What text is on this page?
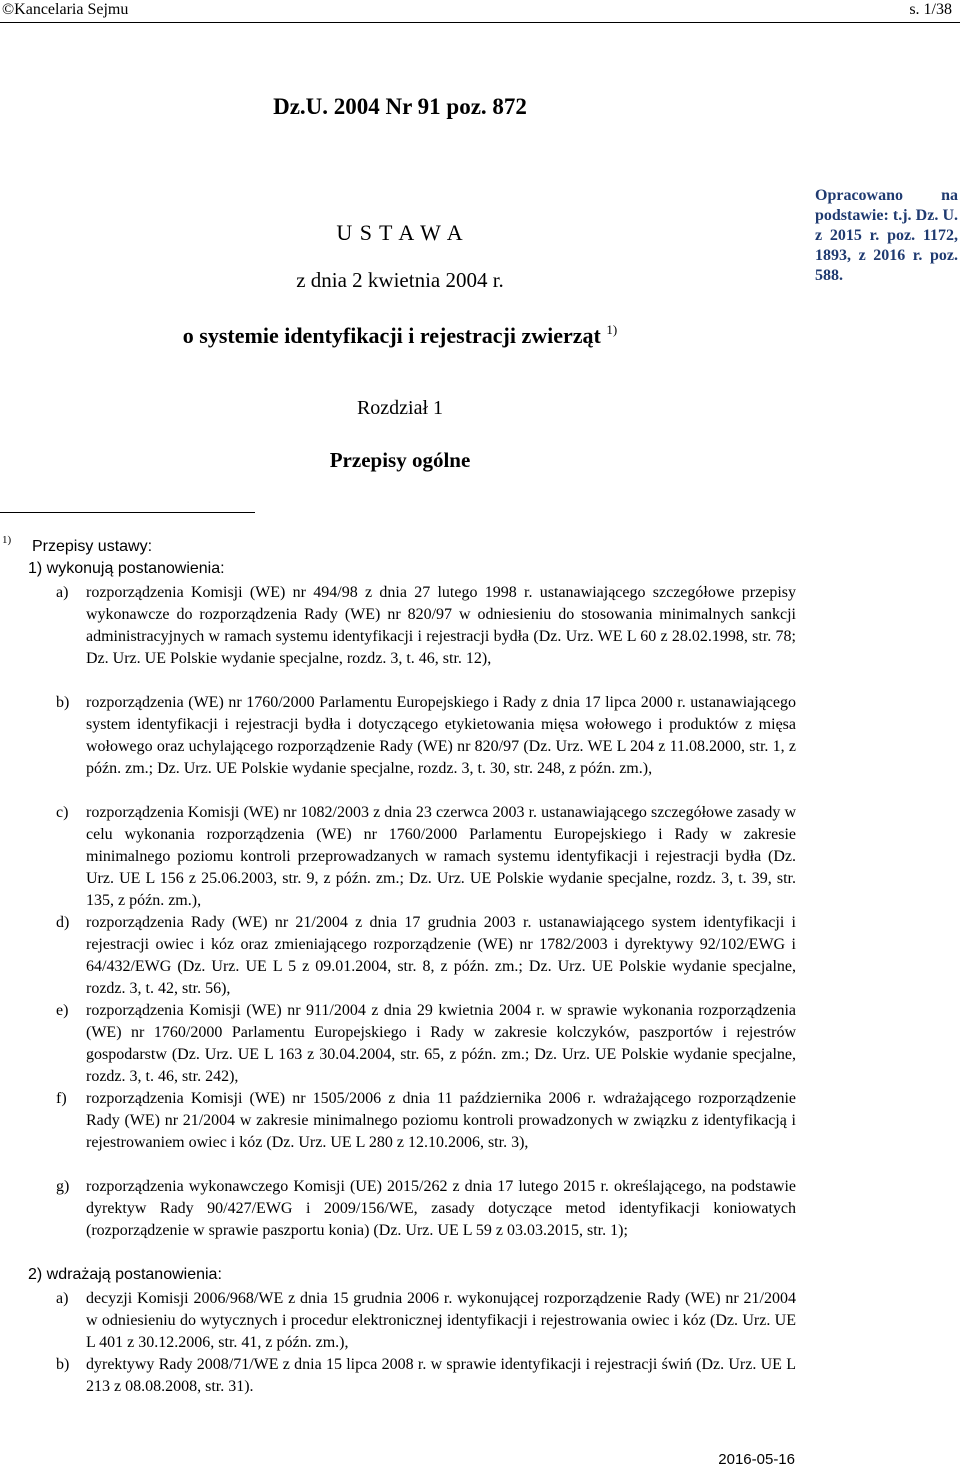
©Kancelaria Sejmu	s. 1/38
Dz.U. 2004 Nr 91 poz. 872
U S T A W A
z dnia 2 kwietnia 2004 r.
Opracowano na podstawie: t.j. Dz. U. z 2015 r. poz. 1172, 1893, z 2016 r. poz. 588.
o systemie identyfikacji i rejestracji zwierząt $^{1)}$
Rozdział 1
Przepisy ogólne
1) Przepisy ustawy:
1) wykonują postanowienia:
a)	rozporządzenia Komisji (WE) nr 494/98 z dnia 27 lutego 1998 r. ustanawiającego szczegółowe przepisy wykonawcze do rozporządzenia Rady (WE) nr 820/97 w odniesieniu do stosowania minimalnych sankcji administracyjnych w ramach systemu identyfikacji i rejestracji bydła (Dz. Urz. WE L 60 z 28.02.1998, str. 78; Dz. Urz. UE Polskie wydanie specjalne, rozdz. 3, t. 46, str. 12),
b)	rozporządzenia (WE) nr 1760/2000 Parlamentu Europejskiego i Rady z dnia 17 lipca 2000 r. ustanawiającego system identyfikacji i rejestracji bydła i dotyczącego etykietowania mięsa wołowego i produktów z mięsa wołowego oraz uchylającego rozporządzenie Rady (WE) nr 820/97 (Dz. Urz. WE L 204 z 11.08.2000, str. 1, z późn. zm.; Dz. Urz. UE Polskie wydanie specjalne, rozdz. 3, t. 30, str. 248, z późn. zm.),
c)	rozporządzenia Komisji (WE) nr 1082/2003 z dnia 23 czerwca 2003 r. ustanawiającego szczegółowe zasady w celu wykonania rozporządzenia (WE) nr 1760/2000 Parlamentu Europejskiego i Rady w zakresie minimalnego poziomu kontroli przeprowadzanych w ramach systemu identyfikacji i rejestracji bydła (Dz. Urz. UE L 156 z 25.06.2003, str. 9, z późn. zm.; Dz. Urz. UE Polskie wydanie specjalne, rozdz. 3, t. 39, str. 135, z późn. zm.),
d)	rozporządzenia Rady (WE) nr 21/2004 z dnia 17 grudnia 2003 r. ustanawiającego system identyfikacji i rejestracji owiec i kóz oraz zmieniającego rozporządzenie (WE) nr 1782/2003 i dyrektywy 92/102/EWG i 64/432/EWG (Dz. Urz. UE L 5 z 09.01.2004, str. 8, z późn. zm.; Dz. Urz. UE Polskie wydanie specjalne, rozdz. 3, t. 42, str. 56),
e)	rozporządzenia Komisji (WE) nr 911/2004 z dnia 29 kwietnia 2004 r. w sprawie wykonania rozporządzenia (WE) nr 1760/2000 Parlamentu Europejskiego i Rady w zakresie kolczyków, paszportów i rejestrów gospodarstw (Dz. Urz. UE L 163 z 30.04.2004, str. 65, z późn. zm.; Dz. Urz. UE Polskie wydanie specjalne, rozdz. 3, t. 46, str. 242),
f)	rozporządzenia Komisji (WE) nr 1505/2006 z dnia 11 października 2006 r. wdrażającego rozporządzenie Rady (WE) nr 21/2004 w zakresie minimalnego poziomu kontroli prowadzonych w związku z identyfikacją i rejestrowaniem owiec i kóz (Dz. Urz. UE L 280 z 12.10.2006, str. 3),
g)	rozporządzenia wykonawczego Komisji (UE) 2015/262 z dnia 17 lutego 2015 r. określającego, na podstawie dyrektyw Rady 90/427/EWG i 2009/156/WE, zasady dotyczące metod identyfikacji koniowatych (rozporządzenie w sprawie paszportu konia) (Dz. Urz. UE L 59 z 03.03.2015, str. 1);
2) wdrażają postanowienia:
a)	decyzji Komisji 2006/968/WE z dnia 15 grudnia 2006 r. wykonującej rozporządzenie Rady (WE) nr 21/2004 w odniesieniu do wytycznych i procedur elektronicznej identyfikacji i rejestrowania owiec i kóz (Dz. Urz. UE L 401 z 30.12.2006, str. 41, z późn. zm.),
b)	dyrektywy Rady 2008/71/WE z dnia 15 lipca 2008 r. w sprawie identyfikacji i rejestracji świń (Dz. Urz. UE L 213 z 08.08.2008, str. 31).
2016-05-16
